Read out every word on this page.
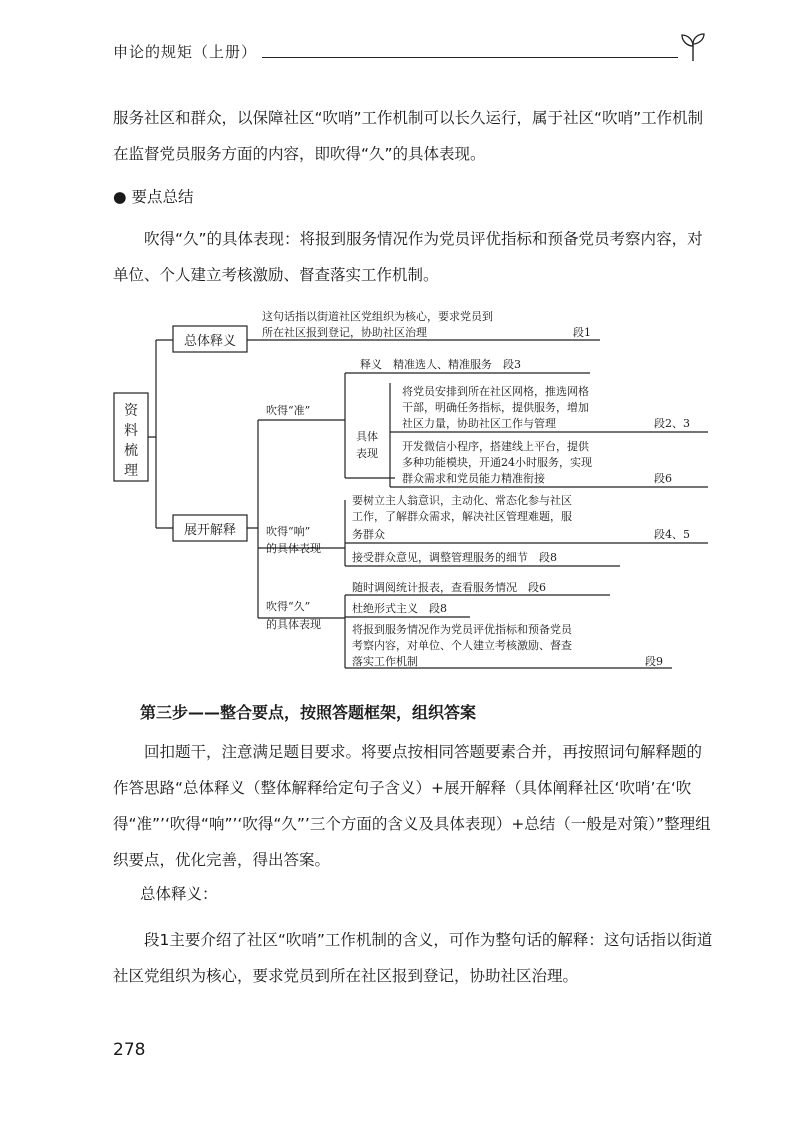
申论的规矩（上册）

服务社区和群众，以保障社区“吹哨”工作机制可以长久运行，属于社区“吹哨”工作机制在监督党员服务方面的内容，即吹得“久”的具体表现。

● 要点总结

吹得“久”的具体表现：将报到服务情况作为党员评优指标和预备党员考察内容，对单位、个人建立考核激励、督查落实工作机制。

资
料
梳
理
总体释义
这句话指以街道社区党组织为核心，要求党员到
所在社区报到登记，协助社区治理	段1
展开解释
吹得“准”
释义　精准选人、精准服务　段3
具体
表现
将党员安排到所在社区网格，推选网格
干部，明确任务指标，提供服务，增加
社区力量，协助社区工作与管理	段2、3
开发微信小程序，搭建线上平台，提供
多种功能模块，开通24小时服务，实现
群众需求和党员能力精准衔接	段6
吹得“响”
的具体表现
要树立主人翁意识，主动化、常态化参与社区
工作，了解群众需求，解决社区管理难题，服
务群众	段4、5
接受群众意见，调整管理服务的细节　段8
吹得“久”
的具体表现
随时调阅统计报表，查看服务情况　段6
杜绝形式主义　段8
将报到服务情况作为党员评优指标和预备党员
考察内容，对单位、个人建立考核激励、督查
落实工作机制	段9
第三步——整合要点，按照答题框架，组织答案

回扣题干，注意满足题目要求。将要点按相同答题要素合并，再按照词句解释题的作答思路“总体释义（整体解释给定句子含义）+展开解释（具体阐释社区‘吹哨’在‘吹得“准”’‘吹得“响”’‘吹得“久”’三个方面的含义及具体表现）+总结（一般是对策）”整理组织要点，优化完善，得出答案。

总体释义：

段1主要介绍了社区“吹哨”工作机制的含义，可作为整句话的解释：这句话指以街道社区党组织为核心，要求党员到所在社区报到登记，协助社区治理。

278
